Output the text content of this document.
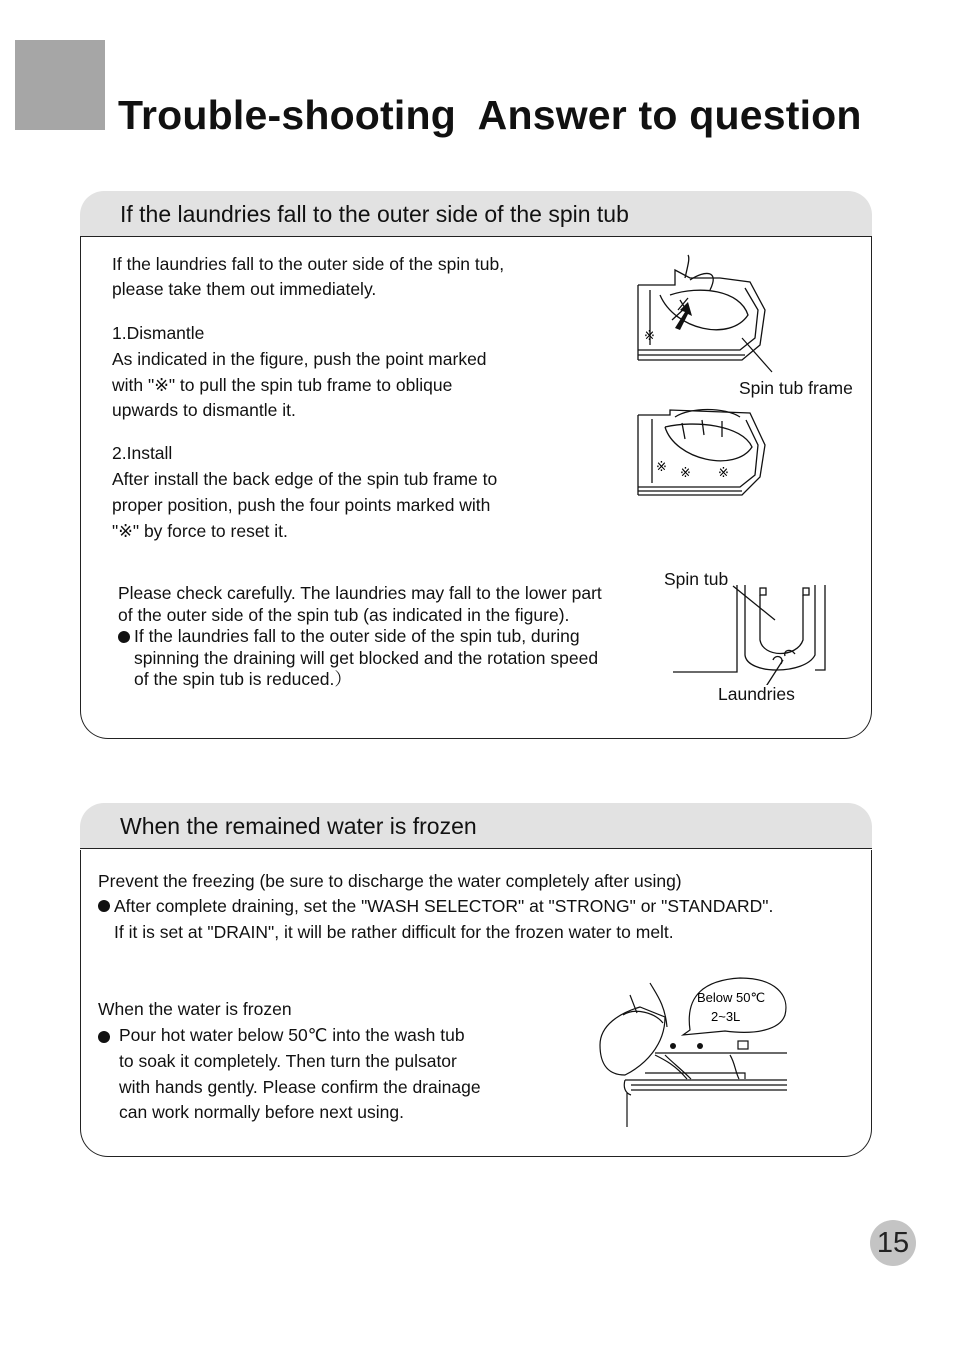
Trouble-shooting  Answer to question
If the laundries fall to the outer side of the spin tub
If the laundries fall to the outer side of the spin tub,
please take them out immediately.
1.Dismantle
As indicated in the figure, push the point marked
with "※" to pull the spin tub frame to oblique
upwards to dismantle it.
2.Install
After install the back edge of the spin tub frame to
proper position, push the four points marked with
"※" by force to reset it.
Please check carefully. The laundries may fall to the lower part
of the outer side of the spin tub (as indicated in the figure).
If the laundries fall to the outer side of the spin tub, during
spinning the draining will get blocked and the rotation speed
of the spin tub is reduced.）
※
Spin tub frame
※ ※ ※
Spin tub
Laundries
When the remained water is frozen
Prevent the freezing (be sure to discharge the water completely after using)
After complete draining, set the "WASH SELECTOR" at "STRONG" or "STANDARD".
If it is set at "DRAIN", it will be rather difficult for the frozen water to melt.
When the water is frozen
Pour hot water below 50℃ into the wash tub
to soak it completely. Then turn the pulsator
with hands gently. Please confirm the drainage
can work normally before next using.
Below 50℃
2~3L
15
